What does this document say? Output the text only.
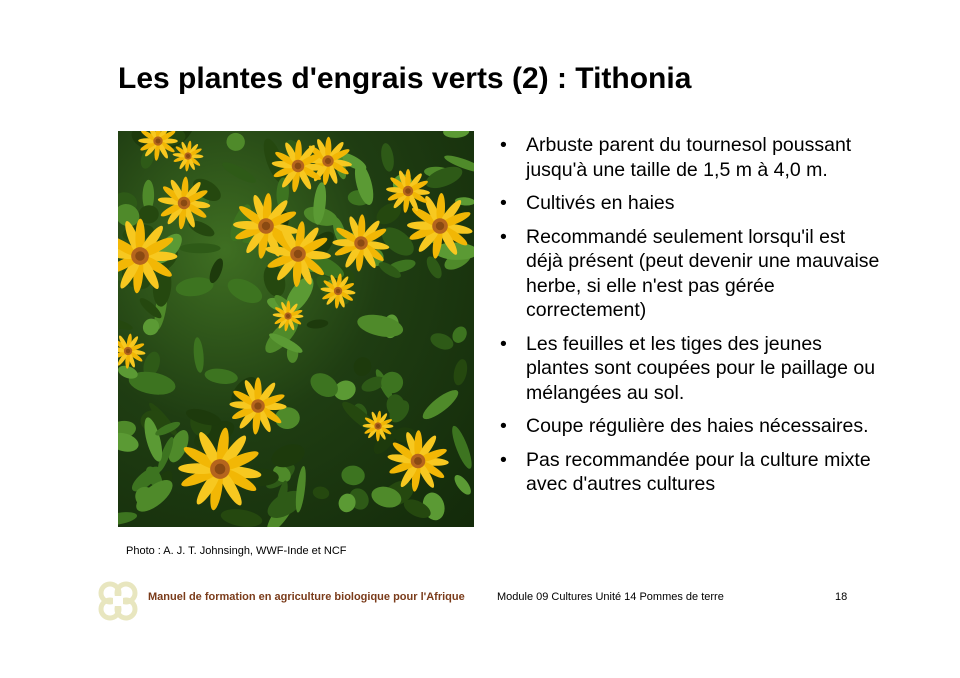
Les plantes d'engrais verts (2) : Tithonia
Photo : A. J. T. Johnsingh, WWF-Inde et NCF
• Arbuste parent du tournesol poussant jusqu'à une taille de 1,5 m à 4,0 m.
• Cultivés en haies
• Recommandé seulement lorsqu'il est déjà présent (peut devenir une mauvaise herbe, si elle n'est pas gérée correctement)
• Les feuilles et les tiges des jeunes plantes sont coupées pour le paillage ou mélangées au sol.
• Coupe régulière des haies nécessaires.
• Pas recommandée pour la culture mixte avec d'autres cultures
Manuel de formation en agriculture biologique pour l'Afrique	Module 09 Cultures Unité 14 Pommes de terre	18
